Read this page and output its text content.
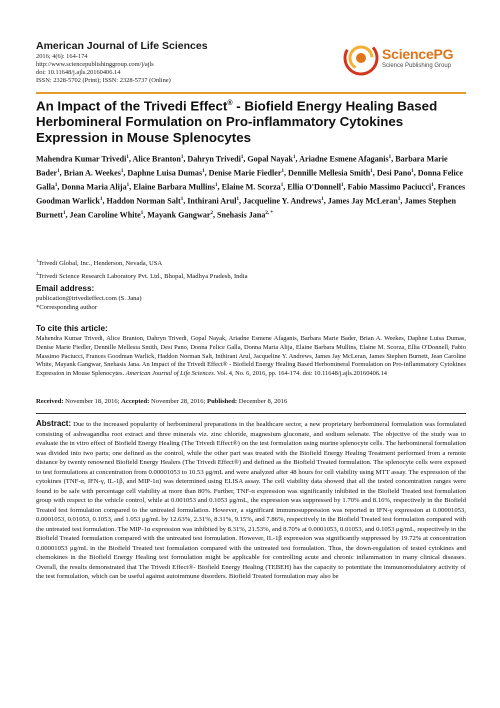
American Journal of Life Sciences
2016; 4(6): 164-174
http://www.sciencepublishinggroup.com/j/ajls
doi: 10.11648/j.ajls.20160406.14
ISSN: 2328-5702 (Print); ISSN: 2328-5737 (Online)
SciencePG
Science Publishing Group
An Impact of the Trivedi Effect® - Biofield Energy Healing Based Herbomineral Formulation on Pro-inflammatory Cytokines Expression in Mouse Splenocytes
Mahendra Kumar Trivedi$^1$, Alice Branton$^1$, Dahryn Trivedi$^1$, Gopal Nayak$^1$, Ariadne Esmene Afaganis$^1$, Barbara Marie Bader$^1$, Brian A. Weekes$^1$, Daphne Luisa Dumas$^1$, Denise Marie Fiedler$^1$, Dennille Mellesia Smith$^1$, Desi Pano$^1$, Donna Felice Galla$^1$, Donna Maria Alija$^1$, Elaine Barbara Mullins$^1$, Elaine M. Scorza$^1$, Ellia O'Donnell$^1$, Fabio Massimo Paciucci$^1$, Frances Goodman Warlick$^1$, Haddon Norman Salt$^1$, Inthirani Arul$^1$, Jacqueline Y. Andrews$^1$, James Jay McLeran$^1$, James Stephen Burnett$^1$, Jean Caroline White$^1$, Mayank Gangwar$^2$, Snehasis Jana$^{2, *}$
$^1$Trivedi Global, Inc., Henderson, Nevada, USA
$^2$Trivedi Science Research Laboratory Pvt. Ltd., Bhopal, Madhya Pradesh, India
Email address:
publication@trivedieffect.com (S. Jana)
*Corresponding author
To cite this article:
Mahendra Kumar Trivedi, Alice Branton, Dahryn Trivedi, Gopal Nayak, Ariadne Esmene Afaganis, Barbara Marie Bader, Brian A. Weekes, Daphne Luisa Dumas, Denise Marie Fiedler, Dennille Mellesia Smith, Desi Pano, Donna Felice Galla, Donna Maria Alija, Elaine Barbara Mullins, Elaine M. Scorza, Ellia O'Donnell, Fabio Massimo Paciucci, Frances Goodman Warlick, Haddon Norman Salt, Inthirani Arul, Jacqueline Y. Andrews, James Jay McLeran, James Stephen Burnett, Jean Caroline White, Mayank Gangwar, Snehasis Jana. An Impact of the Trivedi Effect® - Biofield Energy Healing Based Herbomineral Formulation on Pro-inflammatory Cytokines Expression in Mouse Splenocytes. American Journal of Life Sciences. Vol. 4, No. 6, 2016, pp. 164-174. doi: 10.11648/j.ajls.20160406.14
Received: November 18, 2016; Accepted: November 28, 2016; Published: December 8, 2016
Abstract: Due to the increased popularity of herbomineral preparations in the healthcare sector, a new proprietary herbomineral formulation was formulated consisting of ashwagandha root extract and three minerals viz. zinc chloride, magnesium gluconate, and sodium selenate. The objective of the study was to evaluate the in vitro effect of Biofield Energy Healing (The Trivedi Effect®) on the test formulation using murine splenocyte cells. The herbomineral formulation was divided into two parts; one defined as the control, while the other part was treated with the Biofield Energy Healing Treatment performed from a remote distance by twenty renowned Biofield Energy Healers (The Trivedi Effect®) and defined as the Biofield Treated formulation. The splenocyte cells were exposed to test formulations at concentration from 0.00001053 to 10.53 μg/mL and were analyzed after 48 hours for cell viability using MTT assay. The expression of the cytokines (TNF-α, IFN-γ, IL-1β, and MIP-1α) was determined using ELISA assay. The cell viability data showed that all the tested concentration ranges were found to be safe with percentage cell viability at more than 80%. Further, TNF-α expression was significantly inhibited in the Biofield Treated test formulation group with respect to the vehicle control, while at 0.001053 and 0.1053 μg/mL, the expression was suppressed by 1.70% and 8.16%, respectively in the Biofield Treated test formulation compared to the untreated formulation. However, a significant immunosuppression was reported in IFN-γ expression at 0.00001053, 0.0001053, 0.01053, 0.1053, and 1.053 μg/mL by 12.63%, 2.31%, 8.31%, 9.15%, and 7.86%, respectively in the Biofield Treated test formulation compared with the untreated test formulation. The MIP-1α expression was inhibited by 8.31%, 21.53%, and 8.70% at 0.0001053, 0.01053, and 0.1053 μg/mL, respectively in the Biofield Treated formulation compared with the untreated test formulation. However, IL-1β expression was significantly suppressed by 19.72% at concentration 0.00001053 μg/mL in the Biofield Treated test formulation compared with the untreated test formulation. Thus, the down-regulation of tested cytokines and chemokines in the Biofield Energy Healing test formulation might be applicable for controlling acute and chronic inflammation in many clinical diseases. Overall, the results demonstrated that The Trivedi Effect®- Biofield Energy Healing (TEBEH) has the capacity to potentiate the immunomodulatory activity of the test formulation, which can be useful against autoimmune disorders. Biofield Treated formulation may also be
